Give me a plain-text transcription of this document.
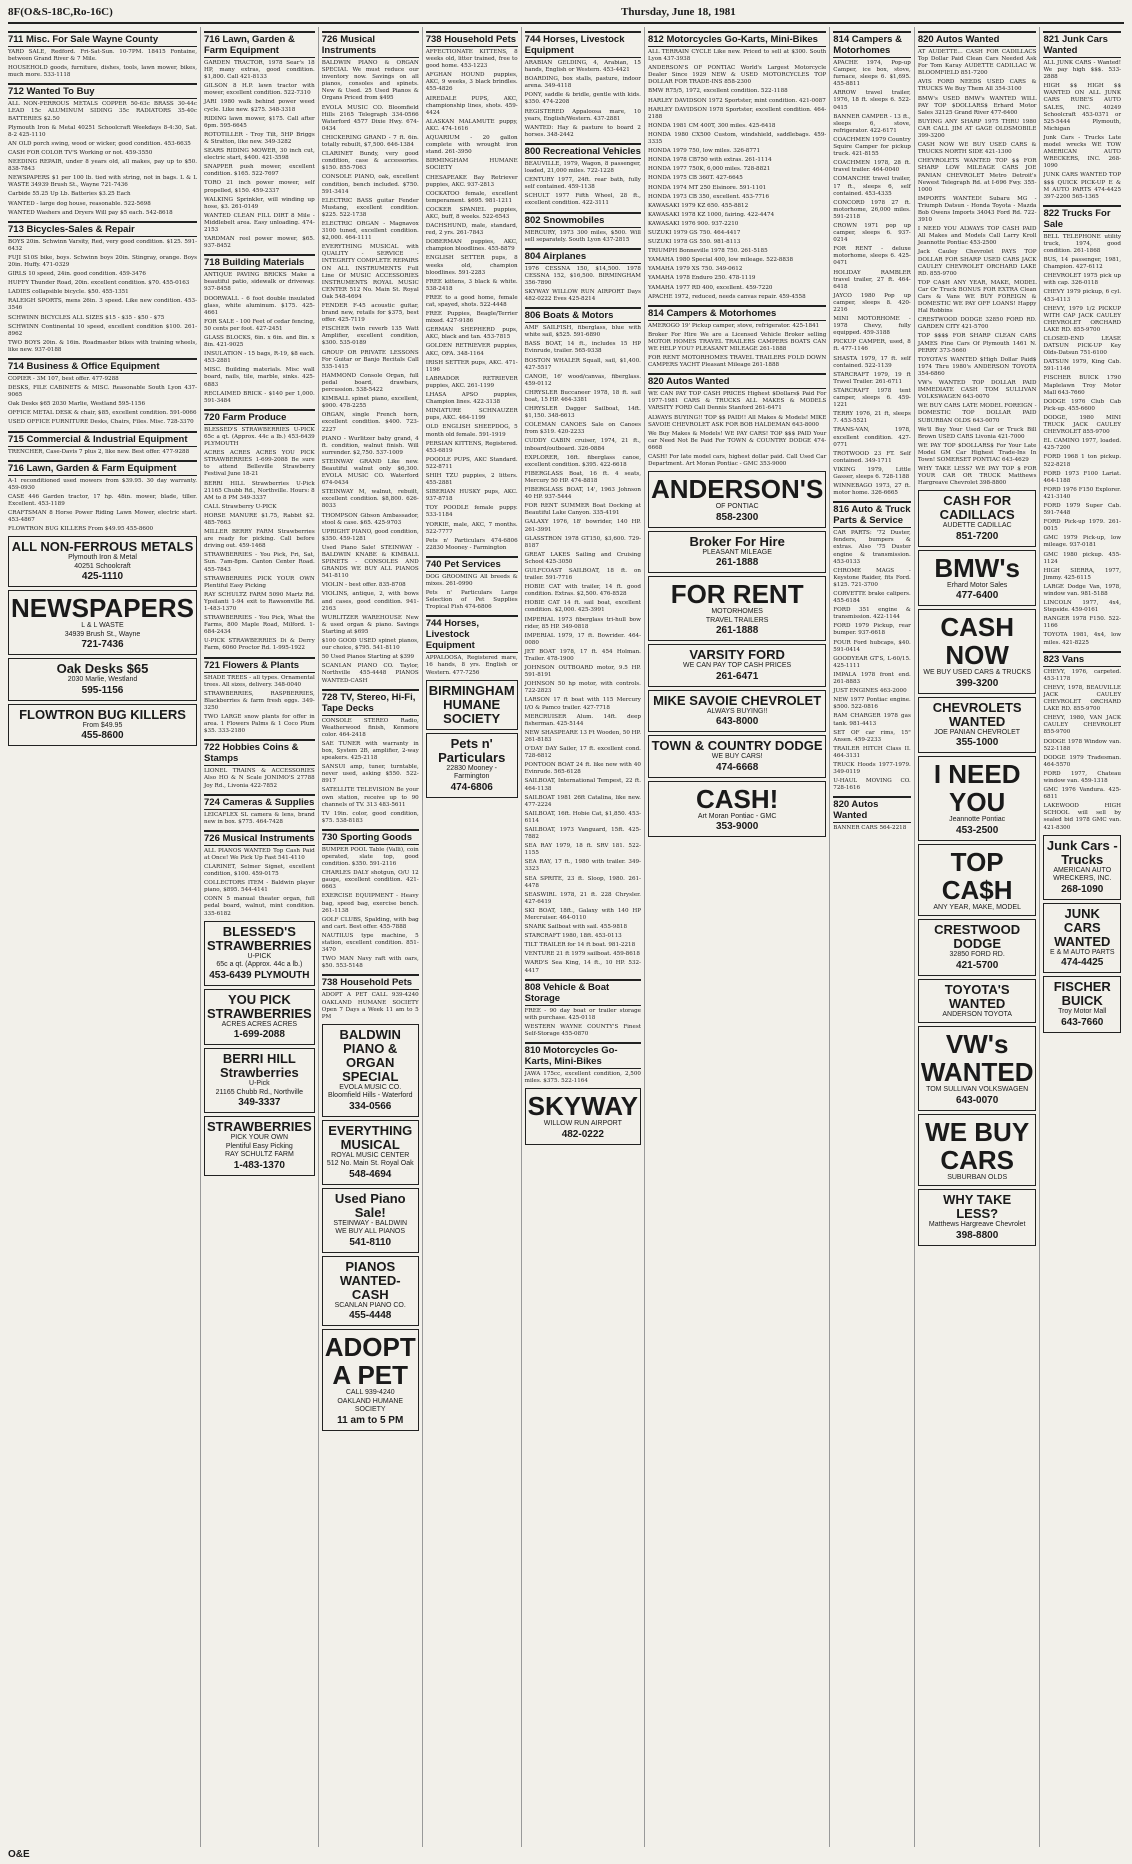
8F(O&S-18C,Ro-16C)	Thursday, June 18, 1981
711 Misc. For Sale Wayne County
YARD SALE, Redford. Fri-Sat-Sun. 10-7PM. 18415 Fontaine, between Grand River & 7 Mile.
HOUSEHOLD goods, furniture, dishes, tools, lawn mower, bikes, much more. 533-1118
712 Wanted To Buy
ALL NON-FERROUS METALS COPPER 50-63c BRASS 30-44c LEAD 15c ALUMINUM SIDING 35c RADIATORS 35-40c BATTERIES $2.50
Plymouth Iron & Metal 40251 Schoolcraft Weekdays 8-4:30, Sat. 8-2 425-1110
AN OLD porch swing, wood or wicker, good condition. 453-6635
CASH FOR COLOR TV'S Working or not. 459-3550
NEEDING REPAIR, under 8 years old, all makes, pay up to $50. 838-7843
NEWSPAPERS $1 per 100 lb. tied with string, not in bags. L & L WASTE 34939 Brush St., Wayne 721-7436
Carbide 55.25 Up Lb. Batteries $3.25 Each
WANTED - large dog house, reasonable. 522-5698
WANTED Washers and Dryers Will pay $5 each. 542-8618
713 Bicycles-Sales & Repair
BOYS 20in. Schwinn Varsity, Red, very good condition. $125. 591-6432
FUJI S10S bike, boys. Schwinn boys 20in. Stingray, orange. Boys 20in. Huffy. 471-0329
GIRLS 10 speed, 24in. good condition. 459-3476
HUFFY Thunder Road, 20in. excellent condition. $70. 455-0163
LADIES collapsible bicycle. $50. 455-1351
RALEIGH SPORTS, mens 26in. 3 speed. Like new condition. 453-3546
SCHWINN BICYCLES ALL SIZES $15 - $35 - $50 - $75
SCHWINN Continental 10 speed, excellent condition $100. 261-8962
TWO BOYS 20in. & 16in. Roadmaster bikes with training wheels, like new. 937-0188
714 Business & Office Equipment
COPIER - 3M 107, best offer. 477-9288
DESKS, FILE CABINETS & MISC. Reasonable South Lyon 437-9065
Oak Desks $65 2030 Marlie, Westland 595-1156
OFFICE METAL DESK & chair, $85, excellent condition. 591-0066
USED OFFICE FURNITURE Desks, Chairs, Files. Misc. 728-3370
715 Commercial & Industrial Equipment
TRENCHER, Case-Davis 7 plus 2, like new. Best offer. 477-9288
716 Lawn, Garden & Farm Equipment
A-1 reconditioned used mowers from $39.95. 30 day warranty. 459-0930
CASE 446 Garden tractor, 17 hp. 48in. mower, blade, tiller. Excellent. 453-1189
CRAFTSMAN 8 Horse Power Riding Lawn Mower, electric start. 453-4867
FLOWTRON BUG KILLERS From $49.95 455-8600
ALL NON-FERROUS METALS
Plymouth Iron & Metal
40251 Schoolcraft
425-1110
NEWSPAPERS
L & L WASTE
34939 Brush St., Wayne
721-7436
Oak Desks $65
2030 Marlie, Westland
595-1156
FLOWTRON BUG KILLERS
From $49.95
455-8600
716 Lawn, Garden & Farm Equipment
GARDEN TRACTOR, 1978 Sear's 18 HP, many extras, good condition. $1,800. Call 421-8133
GILSON 8 H.P. lawn tractor with mower, excellent condition. 522-7310
JARI 1980 walk behind power weed cycle. Like new. $275. 348-3318
RIDING lawn mower, $175. Call after 6pm. 595-6645
ROTOTILLER - Troy Tilt, 5HP Briggs & Stratton, like new. 349-3282
SEARS RIDING MOWER, 30 inch cut, electric start, $400. 421-3598
SNAPPER push mower, excellent condition. $165. 522-7697
TORO 21 inch power mower, self propelled, $150. 459-2337
WALKING Sprinkler, will winding up hose, $3. 261-0149
WANTED CLEAN FILL DIRT 8 Mile - Middlebelt area. Easy unloading. 474-2153
YARDMAN reel power mower, $65. 937-8452
718 Building Materials
ANTIQUE PAVING BRICKS Make a beautiful patio, sidewalk or driveway. 937-8458
DOORWALL - 6 foot double insulated glass, white aluminum. $175. 425-4661
FOR SALE - 100 Feet of cedar fencing, 50 cents per foot. 427-2451
GLASS BLOCKS, 6in. x 6in. and 8in. x 8in. 421-9025
INSULATION - 15 bags, R-19, $8 each. 453-2881
MISC. Building materials. Misc wall board, nails, tile, marble, sinks. 425-6883
RECLAIMED BRICK - $140 per 1,000. 591-3484
720 Farm Produce
BLESSED'S STRAWBERRIES U-PICK 65c a qt. (Approx. 44c a lb.) 453-6439 PLYMOUTH
ACRES ACRES ACRES YOU PICK STRAWBERRIES 1-699-2088 Be sure to attend Belleville Strawberry Festival June 18-21
BERRI HILL Strawberries U-Pick 21165 Chubb Rd., Northville. Hours: 8 AM to 8 PM 349-3337
CALL Strawberry U-PICK
HORSE MANURE $1.75, Rabbit $2. 485-7663
MILLER BERRY FARM Strawberries are ready for picking. Call before driving out. 459-1468
STRAWBERRIES - You Pick, Fri, Sat, Sun. 7am-8pm. Canton Center Road. 455-7843
STRAWBERRIES PICK YOUR OWN Plentiful Easy Picking
RAY SCHULTZ FARM 5090 Martz Rd. Ypsilanti 1-94 exit to Rawsonville Rd. 1-483-1370
STRAWBERRIES - You Pick, What the Farms, 800 Maple Road, Milford. 1-684-2434
U-PICK STRAWBERRIES Di & Derry Farm, 6060 Proctor Rd. 1-995-1922
721 Flowers & Plants
SHADE TREES - all types. Ornamental trees. All sizes, delivery. 348-0040
STRAWBERRIES, RASPBERRIES, Blackberries & farm fresh eggs. 349-3250
TWO LARGE snow plants for offer in area. 1 Flowers Palms & 1 Coco Plum $35. 333-2180
722 Hobbies Coins & Stamps
LIONEL TRAINS & ACCESSORIES Also HO & N Scale JONIMO'S 27788 Joy Rd., Livonia 422-7852
724 Cameras & Supplies
LEICAFLEX SL camera & lens, brand new in box. $775. 464-7428
726 Musical Instruments
ALL PIANOS WANTED Top Cash Paid at Once! We Pick Up Fast 541-4110
CLARINET, Selmer Signet, excellent condition, $100. 459-0175
COLLECTORS ITEM - Baldwin player piano, $895. 544-4141
CONN 5 manual theater organ, full pedal board, walnut, mint condition. 335-6182
BLESSED'S STRAWBERRIES
U-PICK
65c a qt. (Approx. 44c a lb.)
453-6439 PLYMOUTH
YOU PICK STRAWBERRIES
ACRES ACRES ACRES
1-699-2088
BERRI HILL Strawberries
U-Pick
21165 Chubb Rd., Northville
349-3337
STRAWBERRIES
PICK YOUR OWN
Plentiful Easy Picking
RAY SCHULTZ FARM
1-483-1370
726 Musical Instruments
BALDWIN PIANO & ORGAN SPECIAL We must reduce our inventory now. Savings on all pianos, consoles and spinets. New & Used. 25 Used Pianos & Organs Priced from $495
EVOLA MUSIC CO. Bloomfield Hills 2165 Telegraph 334-0566 Waterford 4577 Dixie Hwy. 674-0434
CHICKERING GRAND - 7 ft. 6in. totally rebuilt, $7,500. 646-1384
CLARINET Bundy, very good condition, case & accessories. $150. 855-7063
CONSOLE PIANO, oak, excellent condition, bench included. $750. 591-3414
ELECTRIC BASS guitar Fender Mustang, excellent condition. $225. 522-1738
ELECTRIC ORGAN - Magnavox 3100 tuned, excellent condition. $2,000. 464-1111
EVERYTHING MUSICAL with QUALITY - SERVICE - INTEGRITY COMPLETE REPAIRS ON ALL INSTRUMENTS Full Line Of MUSIC ACCESSORIES INSTRUMENTS ROYAL MUSIC CENTER 512 No. Main St. Royal Oak 548-4694
FENDER F-45 acoustic guitar, brand new, retails for $375, best offer. 425-7119
FISCHER twin reverb 135 Watt Amplifier, excellent condition, $300. 535-0189
GROUP OR PRIVATE LESSONS For Guitar or Banjo Recitals Call 535-1415
HAMMOND Console Organ, full pedal board, drawbars, percussion. 538-5422
KIMBALL spinet piano, excellent, $900. 478-2255
ORGAN, single French horn, excellent condition. $400. 723-2227
PIANO - Wurlitzer baby grand, 4 ft. condition, walnut finish. Will surrender. $2,750. 537-1009
STEINWAY GRAND Like new. Beautiful walnut only $6,300. EVOLA MUSIC CO. Waterford 674-0434
STEINWAY M, walnut, rebuilt, excellent condition. $8,800. 626-8033
THOMPSON Gibson Ambassador, stool & case. $65. 425-9703
UPRIGHT PIANO, good condition, $350. 459-1281
Used Piano Sale! STEINWAY - BALDWIN KNABE & KIMBALL SPINETS - CONSOLES AND GRANDS WE BUY ALL PIANOS 541-8110
VIOLIN - best offer. 835-8708
VIOLINS, antique, 2, with bows and cases, good condition. 941-2163
WURLITZER WAREHOUSE New & used organ & piano. Savings Starting at $695
$100 GOOD USED spinet pianos, our choice, $795. 541-8110
50 Used Pianos Starting at $399
SCANLAN PIANO CO. Taylor, Northville 455-4448 PIANOS WANTED-CASH
728 TV, Stereo, Hi-Fi, Tape Decks
CONSOLE STEREO Radio, Weatherwood finish, Kenmore color. 464-2418
SAE TUNER with warranty in box, System 2B, amplifier, 2-way speakers. 425-2118
SANSUI amp, tuner, turntable, never used, asking $550. 522-8917
SATELLITE TELEVISION Be your own station, receive up to 90 channels of TV. 313 483-5611
TV 19in. color, good condition, $75. 538-8183
730 Sporting Goods
BUMPER POOL Table (Valli), coin operated, slate top, good condition. $350. 591-2116
CHARLES DALY shotgun, O/U 12 gauge, excellent condition. 421-6663
EXERCISE EQUIPMENT - Heavy bag, speed bag, exercise bench. 261-1138
GOLF CLUBS, Spalding, with bag and cart. Best offer. 455-7888
NAUTILUS type machine, 5 station, excellent condition. 851-3470
TWO MAN Navy raft with oars, $50. 553-5148
738 Household Pets
ADOPT A PET CALL 939-4240 OAKLAND HUMANE SOCIETY Open 7 Days a Week 11 am to 5 PM
BALDWIN PIANO & ORGAN SPECIAL
EVOLA MUSIC CO.
Bloomfield Hills - Waterford
334-0566
EVERYTHING MUSICAL
ROYAL MUSIC CENTER
512 No. Main St. Royal Oak
548-4694
Used Piano Sale!
STEINWAY - BALDWIN
WE BUY ALL PIANOS
541-8110
PIANOS WANTED-CASH
SCANLAN PIANO CO.
455-4448
ADOPT A PET
CALL 939-4240
OAKLAND HUMANE SOCIETY
11 am to 5 PM
738 Household Pets
AFFECTIONATE KITTENS, 8 weeks old, litter trained, free to good home. 453-1223
AFGHAN HOUND puppies, AKC, 9 weeks, 3 black brindles. 455-4826
AIREDALE PUPS, AKC, championship lines, shots. 459-4424
ALASKAN MALAMUTE puppy, AKC. 474-1616
AQUARIUM - 20 gallon complete with wrought iron stand. 261-3950
BIRMINGHAM HUMANE SOCIETY
CHESAPEAKE Bay Retriever puppies, AKC. 937-2813
COCKATOO female, excellent temperament. $695. 981-1211
COCKER SPANIEL puppies, AKC, buff, 8 weeks. 522-6543
DACHSHUND, male, standard, red, 2 yrs. 261-7843
DOBERMAN puppies, AKC, champion bloodlines. 455-8879
ENGLISH SETTER pups, 8 weeks old, champion bloodlines. 591-2283
FREE kittens, 3 black & white. 538-2418
FREE to a good home, female cat, spayed, shots. 522-4448
FREE Puppies, Beagle/Terrier mixed. 427-9186
GERMAN SHEPHERD pups, AKC, black and tan. 453-7815
GOLDEN RETRIEVER puppies, AKC, OFA. 348-1164
IRISH SETTER pups, AKC. 471-1196
LABRADOR RETRIEVER puppies, AKC. 261-1199
LHASA APSO puppies, Champion lines. 422-3138
MINIATURE SCHNAUZER pups, AKC. 464-1199
OLD ENGLISH SHEEPDOG, 5 month old female. 591-1919
PERSIAN KITTENS, Registered. 453-6819
POODLE PUPS, AKC Standard. 522-8711
SHIH TZU puppies, 2 litters. 455-2881
SIBERIAN HUSKY pups, AKC. 937-8718
TOY POODLE female puppy. 533-1184
YORKIE, male, AKC, 7 months. 522-7777
Pets n' Particulars 474-6806 22830 Mooney - Farmington
740 Pet Services
DOG GROOMING All breeds & mixes. 261-0990
Pets n' Particulars Large Selection of Pet Supplies Tropical Fish 474-6806
744 Horses, Livestock Equipment
APPALOOSA, Registered mare, 16 hands, 8 yrs. English or Western. 477-7256
BIRMINGHAM HUMANE SOCIETY
Pets n' Particulars
22830 Mooney - Farmington
474-6806
744 Horses, Livestock Equipment
ARABIAN GELDING, 4, Arabian, 15 hands, English or Western. 453-4421
BOARDING, box stalls, pasture, indoor arena. 349-4118
PONY, saddle & bridle, gentle with kids. $350. 474-2208
REGISTERED Appaloosa mare, 10 years, English/Western. 437-2881
WANTED: Hay & pasture to board 2 horses. 348-2442
800 Recreational Vehicles
BEAUVILLE, 1979, Wagon, 8 passenger, loaded, 21,000 miles. 722-1228
CENTURY 1977, 24ft. rear bath, fully self contained. 459-1138
SCHULT 1977 Fifth Wheel, 28 ft., excellent condition. 422-3111
802 Snowmobiles
MERCURY, 1973 300 miles, $500. Will sell separately. South Lyon 437-2815
804 Airplanes
1976 CESSNA 150, $14,500. 1978 CESSNA 152, $16,500. BIRMINGHAM 356-7890
SKYWAY WILLOW RUN AIRPORT Days 482-0222 Eves 425-8214
806 Boats & Motors
AMF SAILFISH, fiberglass, blue with white sail, $525. 591-6890
BASS BOAT, 14 ft., includes 15 HP Evinrude, trailer. 565-9338
BOSTON WHALER Squall, sail, $1,400. 427-5517
CANOE, 16' wood/canvas, fiberglass. 459-0112
CHRYSLER Buccaneer 1978, 18 ft. sail boat, 15 HP. 464-3381
CHRYSLER Dagger Sailboat, 14ft. $1,150. 348-6613
COLEMAN CANOES Sale on Canoes from $319. 420-2233
CUDDY CABIN cruiser, 1974, 21 ft., inboard/outboard. 326-0884
EXPLORER, 16ft. fiberglass canoe, excellent condition. $395. 422-6618
FIBERGLASS Boat, 16 ft. 4 seats, Mercury 50 HP. 474-8818
FIBERGLASS BOAT, 14', 1963 Johnson 40 HP. 937-5444
FOR RENT SUMMER Boat Docking at Beautiful Lake Canyon. 335-4191
GALAXY 1976, 18' bowrider, 140 HP. 261-3991
GLASSTRON 1978 GT150, $3,600. 729-8187
GREAT LAKES Sailing and Cruising School 425-3050
GULFCOAST SAILBOAT, 18 ft. on trailer. 591-7716
HOBIE CAT with trailer, 14 ft. good condition. Extras. $2,500. 476-8528
HOBIE CAT 14 ft. sail boat, excellent condition. $2,000. 425-3991
IMPERIAL 1973 fiberglass tri-hull bow rider, 85 HP. 349-0818
IMPERIAL 1979, 17 ft. Bowrider. 464-0080
JET BOAT 1978, 17 ft. 454 Holman. Trailer. 478-1900
JOHNSON OUTBOARD motor, 9.5 HP. 591-8191
JOHNSON 50 hp motor, with controls. 722-2823
LARSON 17 ft boat with 115 Mercury I/O & Pamco trailer. 427-7718
MERCRUISER Alum. 14ft. deep fisherman. 425-5144
NEW SHASPEARE 13 Ft Wooden, 50 HP. 261-8183
O'DAY DAY Sailer, 17 ft. excellent cond. 728-6812
PONTOON BOAT 24 ft. like new with 40 Evinrude. 565-6128
SAILBOAT, International Tempest, 22 ft. 464-1138
SAILBOAT 1981 26ft Catalina, like new. 477-2224
SAILBOAT, 16ft. Hobie Cat, $1,850. 453-6114
SAILBOAT, 1973 Vanguard, 15ft. 425-7882
SEA RAY 1979, 18 ft. SRV 181. 522-1155
SEA RAY, 17 ft., 1980 with trailer. 349-3323
SEA SPRITE, 23 ft. Sloop, 1980. 261-4478
SEASWIRL 1978, 21 ft. 228 Chrysler. 427-6419
SKI BOAT, 18ft., Galaxy with 140 HP Mercruiser. 464-0110
SNARK Sailboat with sail. 455-9818
STARCRAFT 1980, 18ft. 453-0113
TILT TRAILER for 14 ft boat. 981-2218
VENTURE 21 ft 1979 sailboat. 459-8618
WARD'S Sea King, 14 ft., 10 HP. 532-4417
808 Vehicle & Boat Storage
FREE - 90 day boat or trailer storage with purchase. 425-0118
WESTERN WAYNE COUNTY'S Finest Self-Storage 455-0870
810 Motorcycles Go-Karts, Mini-Bikes
JAWA 175cc, excellent condition, 2,500 miles. $375. 522-1164
SKYWAY
WILLOW RUN AIRPORT
482-0222
812 Motorcycles Go-Karts, Mini-Bikes
ALL TERRAIN CYCLE Like new. Priced to sell at $300. South Lyon 437-3938
ANDERSON'S OF PONTIAC World's Largest Motorcycle Dealer Since 1929 NEW & USED MOTORCYCLES TOP DOLLAR FOR TRADE-INS 858-2300
BMW R75/5, 1972, excellent condition. 522-1188
HARLEY DAVIDSON 1972 Sportster, mint condition. 421-0087
HARLEY DAVIDSON 1978 Sportster, excellent condition. 464-2188
HONDA 1981 CM 400T, 300 miles. 425-6418
HONDA 1980 CX500 Custom, windshield, saddlebags. 459-3335
HONDA 1979 750, low miles. 326-8771
HONDA 1978 CB750 with extras. 261-1114
HONDA 1977 750K, 6,000 miles. 728-8821
HONDA 1975 CB 360T. 427-6645
HONDA 1974 MT 250 Elsinore. 591-1101
HONDA 1973 CB 350, excellent. 453-7716
KAWASAKI 1979 KZ 650. 455-8812
KAWASAKI 1978 KZ 1000, fairing. 422-4474
KAWASAKI 1976 900. 937-2210
SUZUKI 1979 GS 750. 464-4417
SUZUKI 1978 GS 550. 981-8113
TRIUMPH Bonneville 1978 750. 261-5185
YAMAHA 1980 Special 400, low mileage. 522-8838
YAMAHA 1979 XS 750. 349-0612
YAMAHA 1978 Enduro 250. 478-1119
YAMAHA 1977 RD 400, excellent. 459-7220
APACHE 1972, reduced, needs canvas repair. 459-4558
814 Campers & Motorhomes
AMEROGO 19' Pickup camper, stove, refrigerator. 425-1841
Broker For Hire We are a Licensed Vehicle Broker selling MOTOR HOMES TRAVEL TRAILERS CAMPERS BOATS CAN WE HELP YOU? PLEASANT MILEAGE 261-1888
FOR RENT MOTORHOMES TRAVEL TRAILERS FOLD DOWN CAMPERS YACHT Pleasant Mileage 261-1888
820 Autos Wanted
WE CAN PAY TOP CASH PRICES Highest $Dollars$ Paid For 1977-1981 CARS & TRUCKS ALL MAKES & MODELS VARSITY FORD Call Dennis Stanford 261-6471
ALWAYS BUYING!! TOP $$ PAID!! All Makes & Models! MIKE SAVOIE CHEVROLET ASK FOR BOB HALDEMAN 643-8000
We Buy Makes & Models! WE PAY CARS! TOP $$$ PAID Your car Need Not Be Paid For TOWN & COUNTRY DODGE 474-6668
CASH! For late model cars, highest dollar paid. Call Used Car Department. Art Moran Pontiac - GMC 353-9000
ANDERSON'S
OF PONTIAC
858-2300
Broker For Hire
PLEASANT MILEAGE
261-1888
FOR RENT
MOTORHOMES
TRAVEL TRAILERS
261-1888
VARSITY FORD
WE CAN PAY TOP CASH PRICES
261-6471
MIKE SAVOIE CHEVROLET
ALWAYS BUYING!!
643-8000
TOWN & COUNTRY DODGE
WE BUY CARS!
474-6668
CASH!
Art Moran Pontiac - GMC
353-9000
814 Campers & Motorhomes
APACHE 1974, Pop-up Camper, ice box, stove, furnace, sleeps 6. $1,695. 455-8811
ARROW travel trailer, 1976, 18 ft. sleeps 6. 522-0415
BANNER CAMPER - 13 ft., sleeps 6, stove, refrigerator. 422-6171
COACHMEN 1979 Country Squire Camper for pickup truck. 421-8155
COACHMEN 1978, 28 ft. travel trailer. 464-0040
COMANCHE travel trailer, 17 ft., sleeps 6, self contained. 453-4335
CONCORD 1978 27 ft. motorhome, 26,000 miles. 591-2118
CROWN 1971 pop up camper, sleeps 6. 937-0214
FOR RENT - deluxe motorhome, sleeps 6. 425-0471
HOLIDAY RAMBLER travel trailer, 27 ft. 464-6418
JAYCO 1980 Pop up camper, sleeps 8. 420-2216
MINI MOTORHOME - 1978 Chevy, fully equipped. 459-3188
PICKUP CAMPER, used, 8 ft. 477-1146
SHASTA 1979, 17 ft. self contained. 522-1139
STARCRAFT 1979, 19 ft Travel Trailer. 261-6711
STARCRAFT 1978 tent camper, sleeps 6. 459-1221
TERRY 1976, 21 ft, sleeps 7. 453-5521
TRANS-VAN, 1978, excellent condition. 427-0771
TROTWOOD 23 FT. Self contained. 349-1711
VIKING 1979, Little Gasser, sleeps 6. 728-1188
WINNEBAGO 1973, 27 ft. motor home. 326-6665
816 Auto & Truck Parts & Service
CAR PARTS: '72 Duster, fenders, bumpers & extras. Also '75 Duster engine & transmission. 453-0133
CHROME MAGS - Keystone Raider, fits Ford. $125. 721-3700
CORVETTE brake calipers. 455-6184
FORD 351 engine & transmission. 422-1144
FORD 1979 Pickup, rear bumper. 937-6618
FOUR Ford hubcaps, $40. 591-0414
GOODYEAR GT'S, L-60/15. 425-1111
IMPALA 1978 front end. 261-8883
JUST ENGINES 463-2000
NEW 1977 Pontiac engine. $500. 522-0816
RAM CHARGER 1978 gas tank. 981-4413
SET OF car rims, 15" Ansen. 459-2233
TRAILER HITCH Class II. 464-3131
TRUCK Hoods 1977-1979. 349-0119
U-HAUL MOVING CO. 728-1616
820 Autos Wanted
BANNER CARS 564-2218
820 Autos Wanted
AT AUDETTE... CASH FOR CADILLACS Top Dollar Paid Clean Cars Needed Ask For Tom Karay AUDETTE CADILLAC W. BLOOMFIELD 851-7200
AVIS FORD NEEDS USED CARS & TRUCKS We Buy Them All 354-3100
BMW's USED BMW's WANTED WILL PAY TOP $DOLLARS$ Erhard Motor Sales 32125 Grand River 477-6400
BUYING ANY SHARP 1975 THRU 1980 CAR CALL JIM AT GAGE OLDSMOBILE 399-3200
CASH NOW WE BUY USED CARS & TRUCKS NORTH SIDE 421-1300
CHEVROLETS WANTED TOP $$ FOR SHARP LOW MILEAGE CARS JOE PANIAN CHEVROLET Metro Detroit's Newest Telegraph Rd. at I-696 Fwy. 355-1000
IMPORTS WANTED! Subaru MG - Triumph Datsun - Honda Toyota - Mazda Bob Owens Imports 34043 Ford Rd. 722-3910
I NEED YOU ALWAYS TOP CASH PAID All Makes and Models Call Larry Kroll Jeannotte Pontiac 453-2500
Jack Cauley Chevrolet PAYS TOP DOLLAR FOR SHARP USED CARS JACK CAULEY CHEVROLET ORCHARD LAKE RD. 855-9700
TOP CA$H ANY YEAR, MAKE, MODEL Car Or Truck BONUS FOR EXTRA Clean Cars & Vans WE BUY FOREIGN & DOMESTIC WE PAY OFF LOANS! Happy Hal Robbins
CRESTWOOD DODGE 32850 FORD RD. GARDEN CITY 421-5700
TOP $$$$ FOR SHARP CLEAN CARS JAMES Fine Cars Of Plymouth 1461 N. PERRY 373-5660
TOYOTA'S WANTED $High Dollar Paid$ 1974 Thru 1980's ANDERSON TOYOTA 354-6860
VW's WANTED TOP DOLLAR PAID IMMEDIATE CASH TOM SULLIVAN VOLKSWAGEN 643-0070
WE BUY CARS LATE MODEL FOREIGN - DOMESTIC TOP DOLLAR PAID SUBURBAN OLDS 643-0070
We'll Buy Your Used Car or Truck Bill Brown USED CARS Livonia 421-7000
WE PAY TOP $DOLLARS$ For Your Late Model GM Car Highest Trade-Ins In Town! SOMERSET PONTIAC 643-4629
WHY TAKE LESS? WE PAY TOP $ FOR YOUR CAR OR TRUCK Matthews Hargreave Chevrolet 398-8800
CASH FOR CADILLACS
AUDETTE CADILLAC
851-7200
BMW's
Erhard Motor Sales
477-6400
CASH NOW
WE BUY USED CARS & TRUCKS
399-3200
CHEVROLETS WANTED
JOE PANIAN CHEVROLET
355-1000
I NEED YOU
Jeannotte Pontiac
453-2500
TOP CA$H
ANY YEAR, MAKE, MODEL
CRESTWOOD DODGE
32850 FORD RD.
421-5700
TOYOTA'S WANTED
ANDERSON TOYOTA
VW's WANTED
TOM SULLIVAN VOLKSWAGEN
643-0070
WE BUY CARS
SUBURBAN OLDS
WHY TAKE LESS?
Matthews Hargreave Chevrolet
398-8800
821 Junk Cars Wanted
ALL JUNK CARS - Wanted! We pay high $$$. 533-2888
HIGH $$ HIGH $$ WANTED ON ALL JUNK CARS RUBE'S AUTO SALES, INC. 40249 Schoolcraft 453-0371 or 525-5444 Plymouth, Michigan
Junk Cars - Trucks Late model wrecks WE TOW AMERICAN AUTO WRECKERS, INC. 268-1090
JUNK CARS WANTED TOP $$$ QUICK PICK-UP E & M AUTO PARTS 474-4425 397-2200 565-1365
822 Trucks For Sale
BELL TELEPHONE utility truck, 1974, good condition. 261-1868
BUS, 14 passenger, 1981, Champion. 427-6112
CHEVROLET 1975 pick up with cap. 326-0118
CHEVY 1979 pickup, 6 cyl. 453-4113
CHEVY, 1979 1/2 PICKUP WITH CAP JACK CAULEY CHEVROLET ORCHARD LAKE RD. 855-9700
CLOSED-END LEASE DATSUN PICK-UP Key Olds-Datsun 751-6100
DATSUN 1979, King Cab. 591-1146
FISCHER BUICK 1790 Maplelawn Troy Motor Mall 643-7660
DODGE 1976 Club Cab Pick-up. 455-6600
DODGE, 1980 MINI TRUCK JACK CAULEY CHEVROLET 855-9700
EL CAMINO 1977, loaded. 425-7200
FORD 1968 1 ton pickup. 522-8218
FORD 1973 F100 Lariat. 464-1188
FORD 1976 F150 Explorer. 421-3140
FORD 1979 Super Cab. 591-7448
FORD Pick-up 1979. 261-0015
GMC 1979 Pick-up, low mileage. 937-0181
GMC 1980 pickup. 455-1124
HIGH SIERRA, 1977, Jimmy. 425-6115
LARGE Dodge Van, 1978, window van. 981-5188
LINCOLN 1977, 4x4, Stepside. 459-0161
RANGER 1978 F150. 522-1166
TOYOTA 1981, 4x4, low miles. 421-8225
823 Vans
CHEVY, 1976, carpeted. 453-1178
CHEVY, 1978, BEAUVILLE JACK CAULEY CHEVROLET ORCHARD LAKE RD. 855-9700
CHEVY, 1980, VAN JACK CAULEY CHEVROLET 855-9700
DODGE 1978 Window van. 522-1188
DODGE 1979 Tradesman. 464-5570
FORD 1977, Chateau window van. 459-1318
GMC 1976 Vandura. 425-6811
LAKEWOOD HIGH SCHOOL will sell by sealed bid 1978 GMC van. 421-8300
Junk Cars - Trucks
AMERICAN AUTO WRECKERS, INC.
268-1090
JUNK CARS WANTED
E & M AUTO PARTS
474-4425
FISCHER BUICK
Troy Motor Mall
643-7660
O&E
